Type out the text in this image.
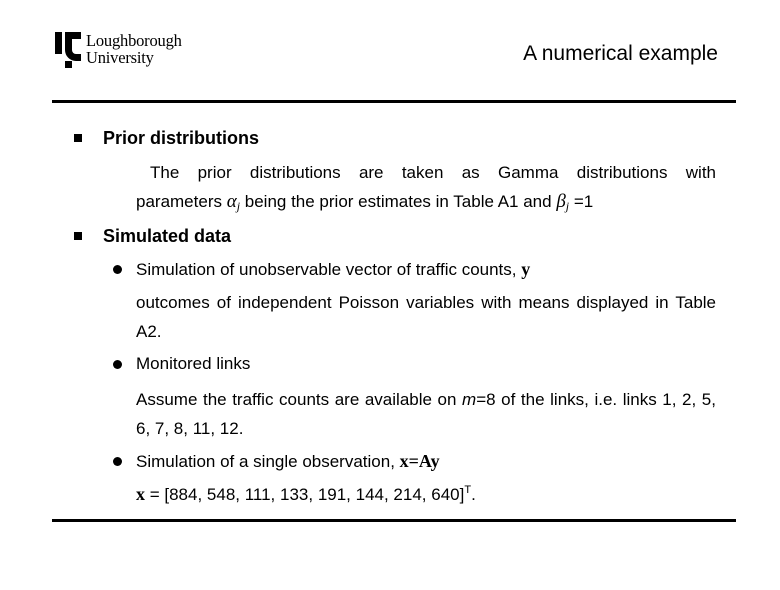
Loughborough
University	A numerical example
Prior distributions
The prior distributions are taken as Gamma distributions with
parameters $\alpha_j$ being the prior estimates in Table A1 and $\beta_j =1$
Simulated data
Simulation of unobservable vector of traffic counts, y
outcomes of independent Poisson variables with means displayed in Table A2.
Monitored links
Assume the traffic counts are available on m=8 of the links, i.e. links 1, 2, 5, 6, 7, 8, 11, 12.
Simulation of a single observation, x=Ay
x = [884, 548, 111, 133, 191, 144, 214, 640]$^T$.
